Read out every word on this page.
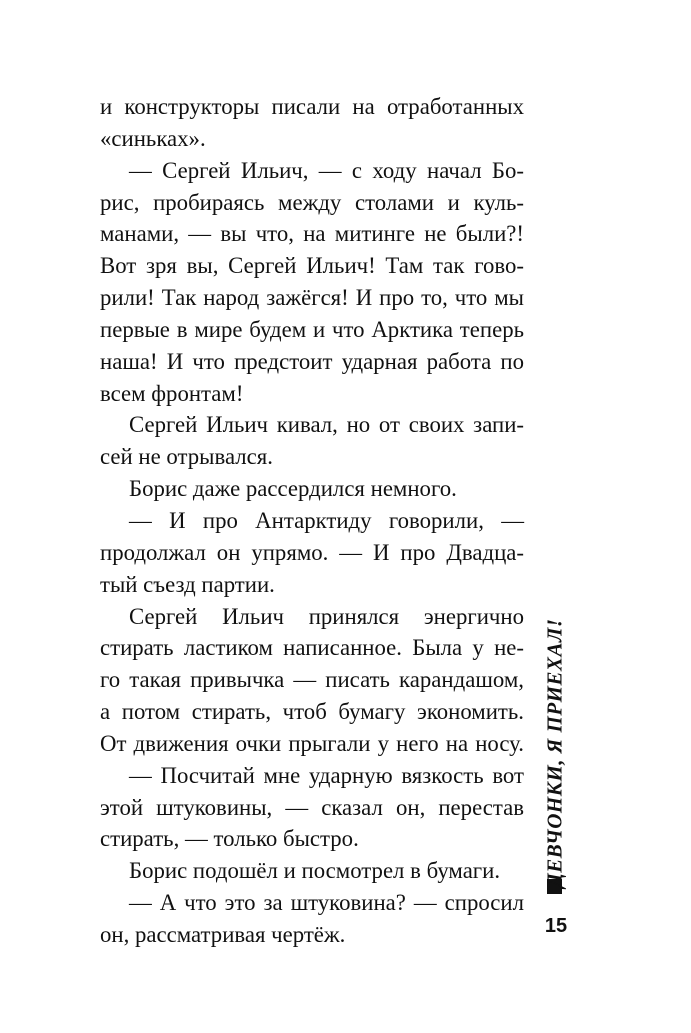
и конструкторы писали на отработанных
«синьках».
— Сергей Ильич, — с ходу начал Бо-
рис, пробираясь между столами и куль-
манами, — вы что, на митинге не были?!
Вот зря вы, Сергей Ильич! Там так гово-
рили! Так народ зажёгся! И про то, что мы
первые в мире будем и что Арктика теперь
наша! И что предстоит ударная работа по
всем фронтам!
Сергей Ильич кивал, но от своих запи-
сей не отрывался.
Борис даже рассердился немного.
— И про Антарктиду говорили, —
продолжал он упрямо. — И про Двадца-
тый съезд партии.
Сергей Ильич принялся энергично
стирать ластиком написанное. Была у не-
го такая привычка — писать карандашом,
а потом стирать, чтоб бумагу экономить.
От движения очки прыгали у него на носу.
— Посчитай мне ударную вязкость вот
этой штуковины, — сказал он, перестав
стирать, — только быстро.
Борис подошёл и посмотрел в бумаги.
— А что это за штуковина? — спросил
он, рассматривая чертёж.
ДЕВЧОНКИ, Я ПРИЕХАЛ!
15
